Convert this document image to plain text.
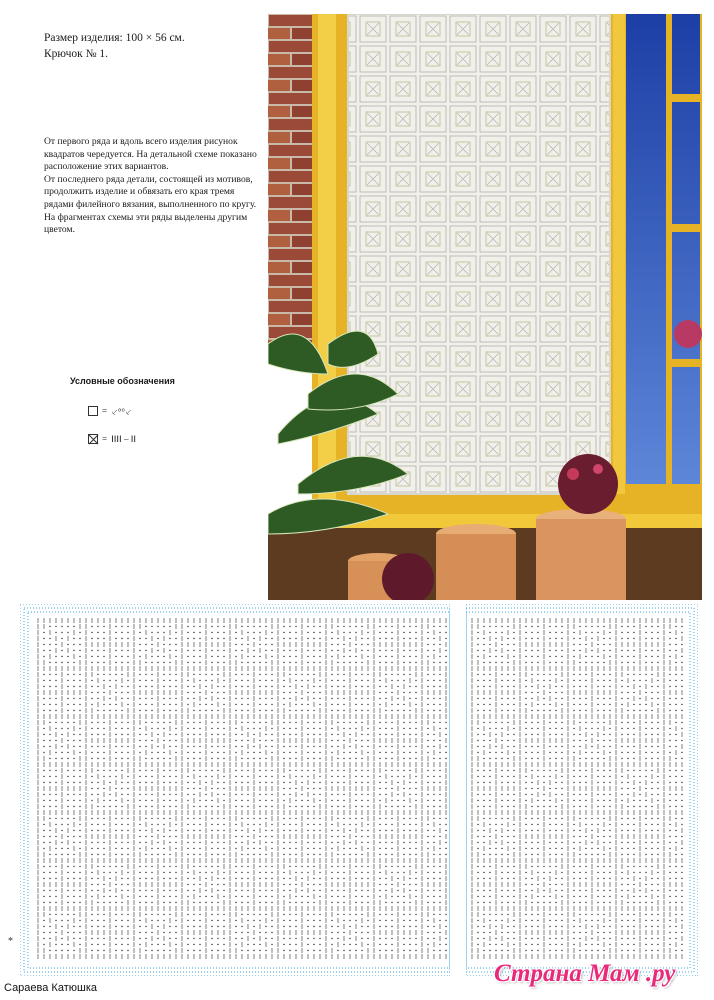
Размер изделия: 100 × 56 см.
Крючок № 1.

От первого ряда и вдоль всего изделия рисунок квадратов чередуется. На детальной схеме показано расположение этих вариантов.

От последнего ряда детали, состоящей из мотивов, продолжить изделие и обвязать его края тремя рядами филейного вязания, выполненного по кругу. На фрагментах схемы эти ряды выделены другим цветом.

Условные обозначения
= ⸔°°⸔
= ⵏⵏⵏⵏ – ⵏⵏ
*
Сараева Катюшка
Страна Мам .ру
